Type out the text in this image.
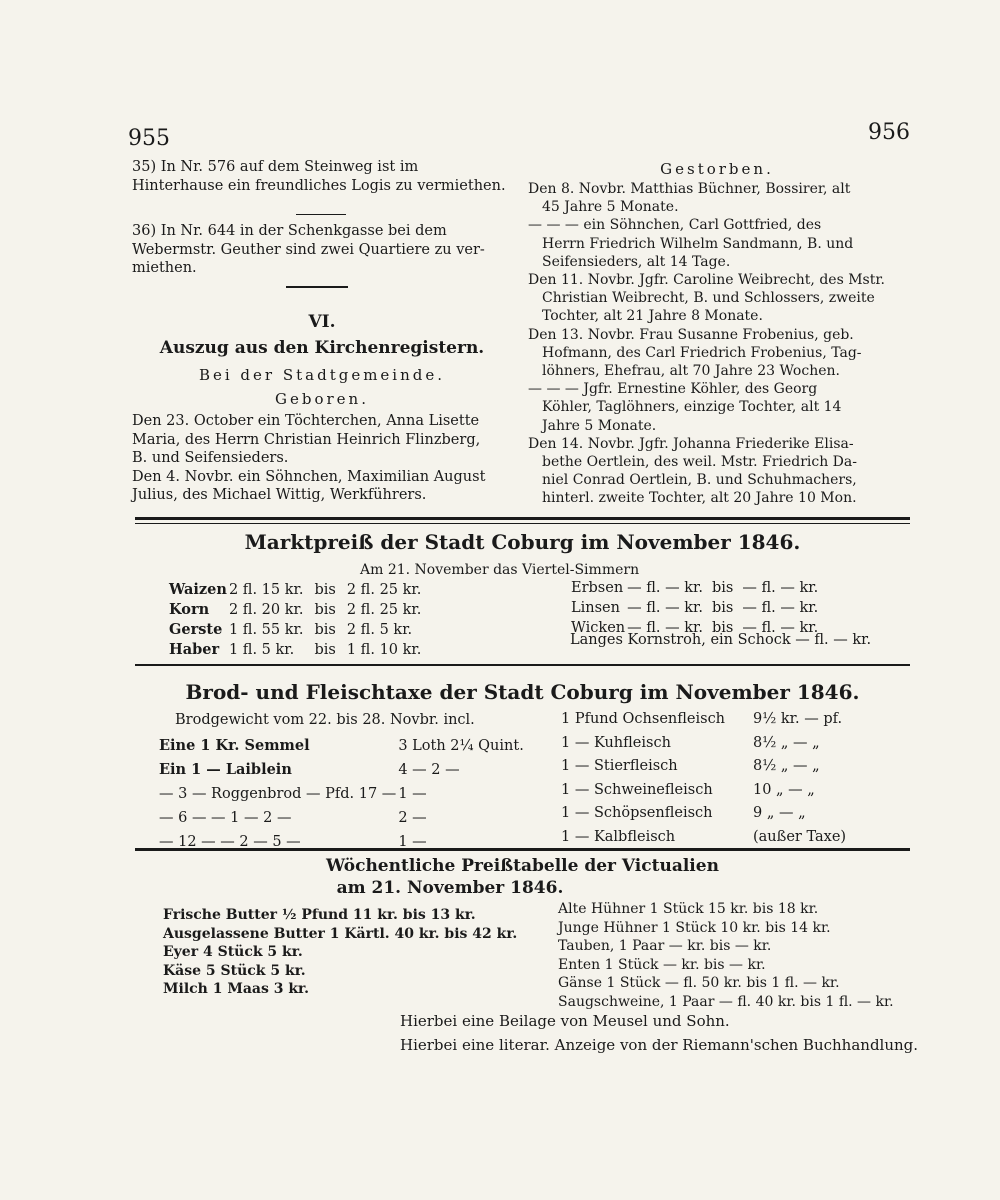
955	956

35) In Nr. 576 auf dem Steinweg ist im

Hinterhause ein freundliches Logis zu vermiethen.

36) In Nr. 644 in der Schenkgasse bei dem

Webermstr. Geuther sind zwei Quartiere zu ver-

miethen.

VI.
Auszug aus den Kirchenregistern.
Bei der Stadtgemeinde.
Geboren.

Den 23. October ein Töchterchen, Anna Lisette

Maria, des Herrn Christian Heinrich Flinzberg,

B. und Seifensieders.

Den 4. Novbr. ein Söhnchen, Maximilian August

Julius, des Michael Wittig, Werkführers.

Gestorben.

Den 8. Novbr. Matthias Büchner, Bossirer, alt

45 Jahre 5 Monate.

— — — ein Söhnchen, Carl Gottfried, des

Herrn Friedrich Wilhelm Sandmann, B. und

Seifensieders, alt 14 Tage.

Den 11. Novbr. Jgfr. Caroline Weibrecht, des Mstr.

Christian Weibrecht, B. und Schlossers, zweite

Tochter, alt 21 Jahre 8 Monate.

Den 13. Novbr. Frau Susanne Frobenius, geb.

Hofmann, des Carl Friedrich Frobenius, Tag-

löhners, Ehefrau, alt 70 Jahre 23 Wochen.

— — — Jgfr. Ernestine Köhler, des Georg

Köhler, Taglöhners, einzige Tochter, alt 14

Jahre 5 Monate.

Den 14. Novbr. Jgfr. Johanna Friederike Elisa-

bethe Oertlein, des weil. Mstr. Friedrich Da-

niel Conrad Oertlein, B. und Schuhmachers,

hinterl. zweite Tochter, alt 20 Jahre 10 Mon.

Marktpreiß der Stadt Coburg im November 1846.
Am 21. November das Viertel-Simmern
Waizen	2 fl. 15 kr.	bis	2 fl. 25 kr.
Korn	2 fl. 20 kr.	bis	2 fl. 25 kr.
Gerste	1 fl. 55 kr.	bis	2 fl. 5 kr.
Haber	1 fl. 5 kr.	bis	1 fl. 10 kr.
Erbsen	— fl. — kr.	bis	— fl. — kr.
Linsen	— fl. — kr.	bis	— fl. — kr.
Wicken	— fl. — kr.	bis	— fl. — kr.
Langes Kornstroh, ein Schock — fl. — kr.
Brod- und Fleischtaxe der Stadt Coburg im November 1846.
Brodgewicht vom 22. bis 28. Novbr. incl.
Eine 1 Kr. Semmel	3 Loth 2¼ Quint.
Ein 1 — Laiblein	4 — 2 —
— 3 — Roggenbrod — Pfd. 17 —	1 —
— 6 — — 1 — 2 —	2 —
— 12 — — 2 — 5 —	1 —
1 Pfund Ochsenfleisch	9½ kr. — pf.
1 — Kuhfleisch	8½ „ — „
1 — Stierfleisch	8½ „ — „
1 — Schweinefleisch	10 „ — „
1 — Schöpsenfleisch	9 „ — „
1 — Kalbfleisch	(außer Taxe)
Wöchentliche Preißtabelle der Victualien
am 21. November 1846.

Frische Butter ½ Pfund 11 kr. bis 13 kr.

Ausgelassene Butter 1 Kärtl. 40 kr. bis 42 kr.

Eyer 4 Stück 5 kr.

Käse 5 Stück 5 kr.

Milch 1 Maas 3 kr.

Alte Hühner 1 Stück 15 kr. bis 18 kr.

Junge Hühner 1 Stück 10 kr. bis 14 kr.

Tauben, 1 Paar — kr. bis — kr.

Enten 1 Stück — kr. bis — kr.

Gänse 1 Stück — fl. 50 kr. bis 1 fl. — kr.

Saugschweine, 1 Paar — fl. 40 kr. bis 1 fl. — kr.

Hierbei eine Beilage von Meusel und Sohn.
Hierbei eine literar. Anzeige von der Riemann'schen Buchhandlung.
